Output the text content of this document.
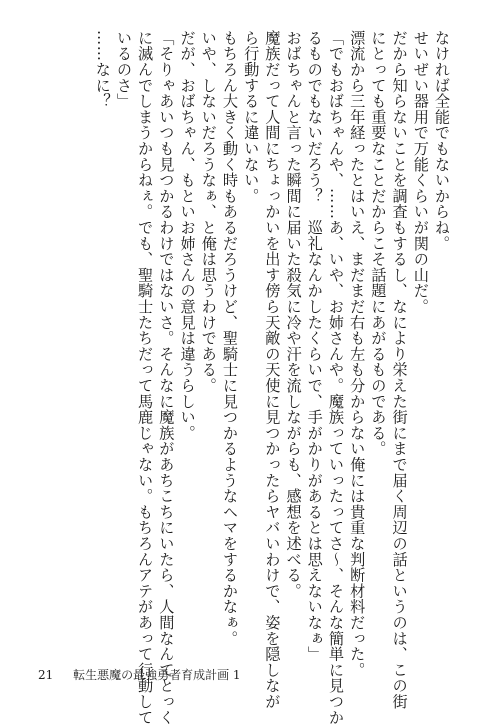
なければ全能でもないからね。
せいぜい器用で万能くらいが関の山だ。
だから知らないことを調査もするし、なにより栄えた街にまで届く周辺の話というのは、この街
にとっても重要なことだからこそ話題にあがるものである。
漂流から三年経ったとはいえ、まだまだ右も左も分からない俺には貴重な判断材料だった。
「でもおばちゃんや、……あ、いや、お姉さんや。魔族っていったってさ～、そんな簡単に見つか
るものでもないだろう？　巡礼なんかしたくらいで、手がかりがあるとは思えないなぁ」
おばちゃんと言った瞬間に届いた殺気に冷や汗を流しながらも、感想を述べる。
魔族だって人間にちょっかいを出す傍ら天敵の天使に見つかったらヤバいわけで、姿を隠しなが
ら行動するに違いない。
もちろん大きく動く時もあるだろうけど、聖騎士に見つかるようなヘマをするかなぁ。
いや、しないだろうなぁ、と俺は思うわけである。
だが、おばちゃん、もといお姉さんの意見は違うらしい。
「そりゃあいつも見つかるわけではないさ。そんなに魔族があちこちにいたら、人間なんてとっく
に滅んでしまうからねぇ。でも、聖騎士たちだって馬鹿じゃない。もちろんアテがあって行動して
いるのさ」
……なに？
21 転生悪魔の最強勇者育成計画 1
